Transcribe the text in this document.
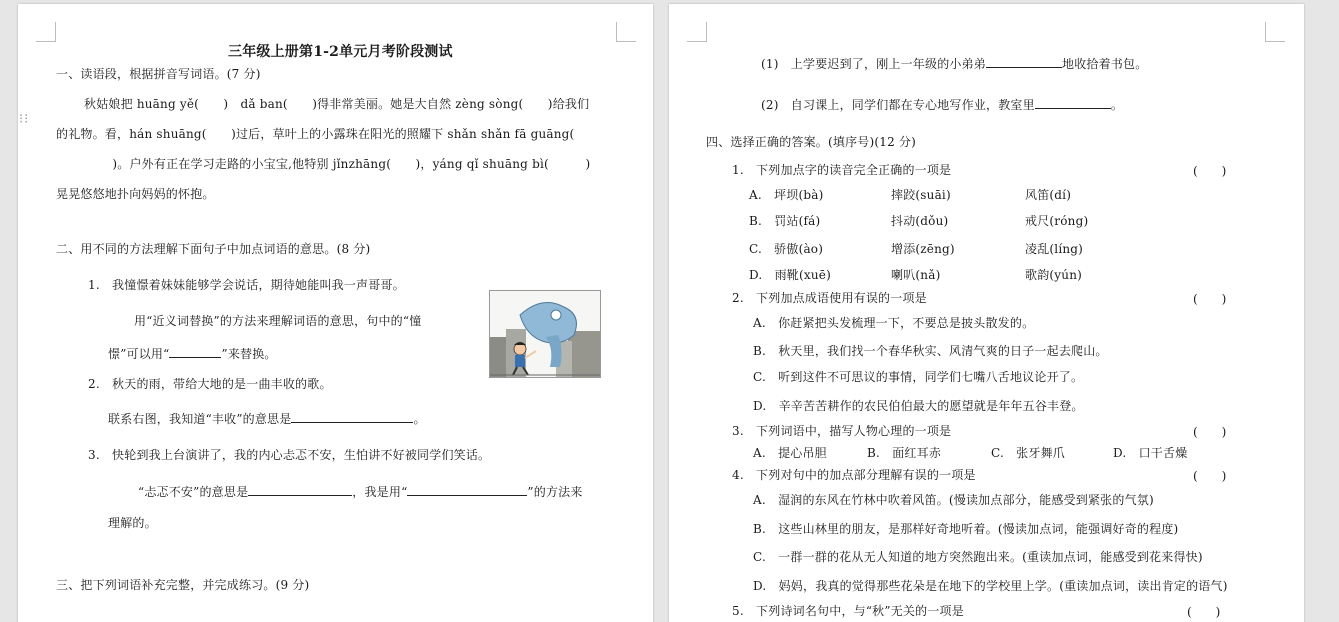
三年级上册第1-2单元月考阶段测试
一、读语段，根据拼音写词语。(7 分)
秋姑娘把 huāng yě(　　)　dǎ ban(　　)得非常美丽。她是大自然 zèng sòng(　　)给我们
的礼物。看，hán shuāng(　　)过后，草叶上的小露珠在阳光的照耀下 shǎn shǎn fā guāng(
　　)。户外有正在学习走路的小宝宝,他特别 jǐnzhāng(　　)，yáng qǐ shuāng bì(　　　)
晃晃悠悠地扑向妈妈的怀抱。
二、用不同的方法理解下面句子中加点词语的意思。(8 分)
1.　我憧憬着妹妹能够学会说话，期待她能叫我一声哥哥。
用“近义词替换”的方法来理解词语的意思，句中的“憧
憬”可以用“	”来替换。
2.　秋天的雨，带给大地的是一曲丰收的歌。
联系右图，我知道“丰收”的意思是	。
3.　快轮到我上台演讲了，我的内心忐忑不安，生怕讲不好被同学们笑话。
“忐忑不安”的意思是	，我是用“	”的方法来
理解的。
三、把下列词语补充完整，并完成练习。(9 分)
⁝⁝
(1)　上学要迟到了，刚上一年级的小弟弟	地收拾着书包。
(2)　自习课上，同学们都在专心地写作业，教室里	。
四、选择正确的答案。(填序号)(12 分)
1.　下列加点字的读音完全正确的一项是	(　　)
A.　坪坝(bà)	摔跤(suāi)	风笛(dí)
B.　罚站(fá)	抖动(dǒu)	戒尺(róng)
C.　骄傲(ào)	增添(zēng)	凌乱(líng)
D.　雨靴(xuē)	喇叭(nǎ)	歌韵(yún)
2.　下列加点成语使用有误的一项是	(　　)
A.　你赶紧把头发梳理一下，不要总是披头散发的。
B.　秋天里，我们找一个春华秋实、风清气爽的日子一起去爬山。
C.　听到这件不可思议的事情，同学们七嘴八舌地议论开了。
D.　辛辛苦苦耕作的农民伯伯最大的愿望就是年年五谷丰登。
3.　下列词语中，描写人物心理的一项是	(　　)
A.　提心吊胆	B.　面红耳赤	C.　张牙舞爪	D.　口干舌燥
4.　下列对句中的加点部分理解有误的一项是	(　　)
A.　湿润的东风在竹林中吹着风笛。(慢读加点部分，能感受到紧张的气氛)
B.　这些山林里的朋友，是那样好奇地听着。(慢读加点词，能强调好奇的程度)
C.　一群一群的花从无人知道的地方突然跑出来。(重读加点词，能感受到花来得快)
D.　妈妈，我真的觉得那些花朵是在地下的学校里上学。(重读加点词，读出肯定的语气)
5.　下列诗词名句中，与“秋”无关的一项是	(　　)
